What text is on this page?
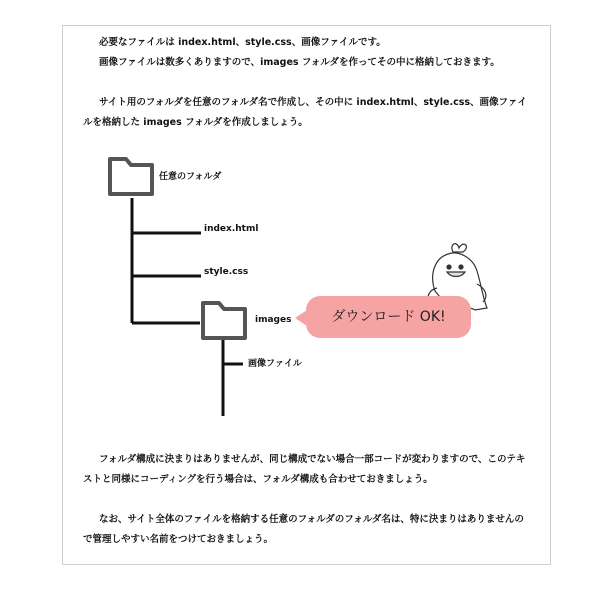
必要なファイルは index.html、style.css、画像ファイルです。

画像ファイルは数多くありますので、images フォルダを作ってその中に格納しておきます。

サイト用のフォルダを任意のフォルダ名で作成し、その中に index.html、style.css、画像ファイルを格納した images フォルダを作成しましょう。

任意のフォルダ
index.html
style.css
images
画像ファイル
ダウンロード OK!

フォルダ構成に決まりはありませんが、同じ構成でない場合一部コードが変わりますので、このテキストと同様にコーディングを行う場合は、フォルダ構成も合わせておきましょう。

なお、サイト全体のファイルを格納する任意のフォルダのフォルダ名は、特に決まりはありませんので管理しやすい名前をつけておきましょう。
